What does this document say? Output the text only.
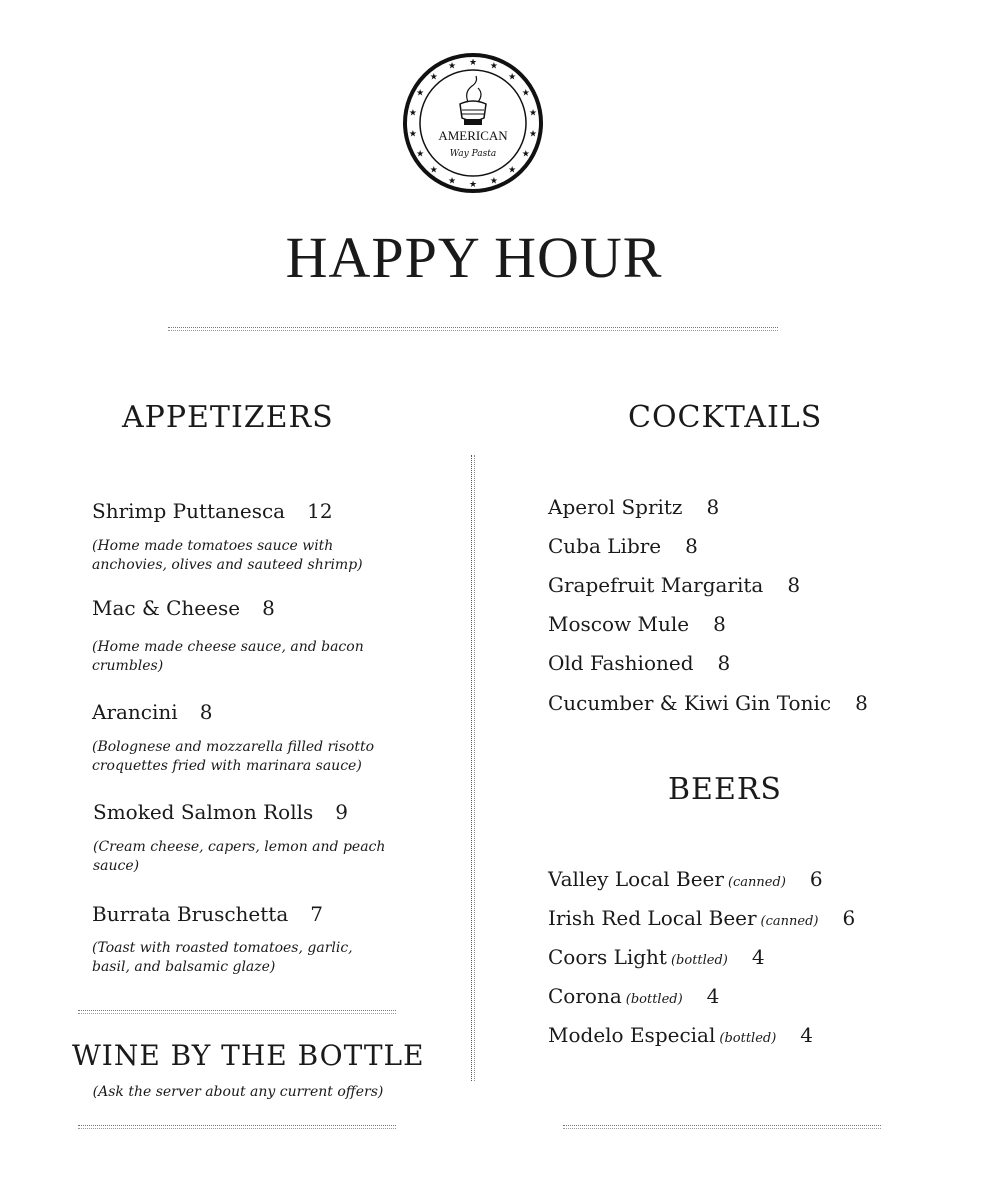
★ ★
★
★
★
★
★
★
★
★
★
★
★
★
★
★
★
★
AMERICAN
Way Pasta
HAPPY HOUR
APPETIZERS
Shrimp Puttanesca 12
(Home made tomatoes sauce with anchovies, olives and sauteed shrimp)
Mac & Cheese 8
(Home made cheese sauce, and bacon crumbles)
Arancini 8
(Bolognese and mozzarella filled risotto croquettes fried with marinara sauce)
Smoked Salmon Rolls 9
(Cream cheese, capers, lemon and peach sauce)
Burrata Bruschetta 7
(Toast with roasted tomatoes, garlic, basil, and balsamic glaze)
WINE BY THE BOTTLE
(Ask the server about any current offers)
COCKTAILS
Aperol Spritz 8
Cuba Libre 8
Grapefruit Margarita 8
Moscow Mule 8
Old Fashioned 8
Cucumber & Kiwi Gin Tonic 8
BEERS
Valley Local Beer (canned) 6
Irish Red Local Beer (canned) 6
Coors Light (bottled) 4
Corona (bottled) 4
Modelo Especial (bottled) 4
